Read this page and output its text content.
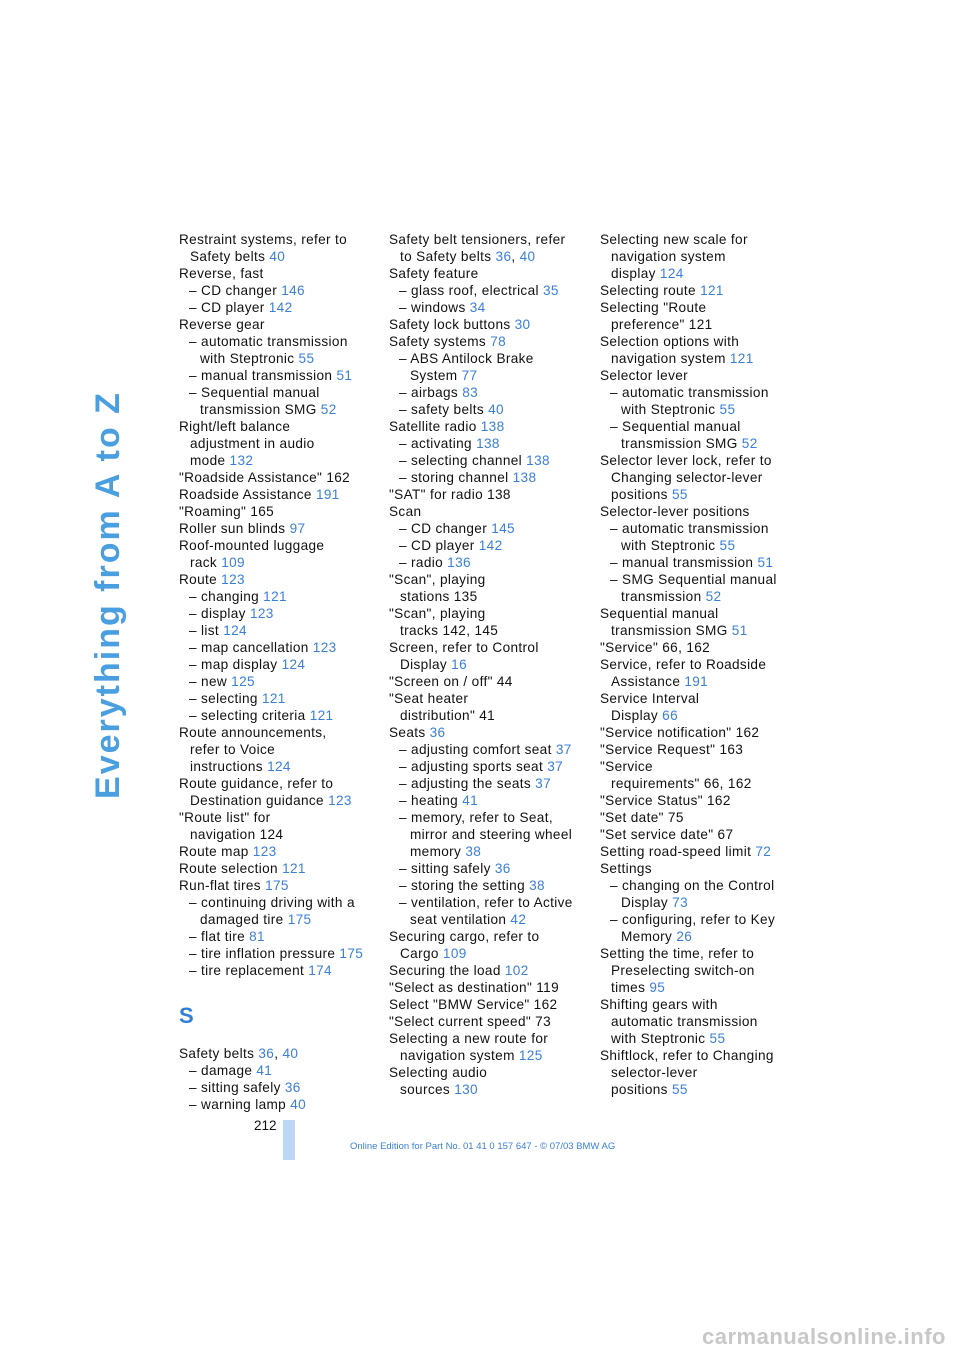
Everything from A to Z
Restraint systems, refer to
Safety belts 40
Reverse, fast
– CD changer 146
– CD player 142
Reverse gear
– automatic transmission
with Steptronic 55
– manual transmission 51
– Sequential manual
transmission SMG 52
Right/left balance
adjustment in audio
mode 132
"Roadside Assistance" 162
Roadside Assistance 191
"Roaming" 165
Roller sun blinds 97
Roof-mounted luggage
rack 109
Route 123
– changing 121
– display 123
– list 124
– map cancellation 123
– map display 124
– new 125
– selecting 121
– selecting criteria 121
Route announcements,
refer to Voice
instructions 124
Route guidance, refer to
Destination guidance 123
"Route list" for
navigation 124
Route map 123
Route selection 121
Run-flat tires 175
– continuing driving with a
damaged tire 175
– flat tire 81
– tire inflation pressure 175
– tire replacement 174
S
Safety belts 36, 40
– damage 41
– sitting safely 36
– warning lamp 40
Safety belt tensioners, refer
to Safety belts 36, 40
Safety feature
– glass roof, electrical 35
– windows 34
Safety lock buttons 30
Safety systems 78
– ABS Antilock Brake
System 77
– airbags 83
– safety belts 40
Satellite radio 138
– activating 138
– selecting channel 138
– storing channel 138
"SAT" for radio 138
Scan
– CD changer 145
– CD player 142
– radio 136
"Scan", playing
stations 135
"Scan", playing
tracks 142, 145
Screen, refer to Control
Display 16
"Screen on / off" 44
"Seat heater
distribution" 41
Seats 36
– adjusting comfort seat 37
– adjusting sports seat 37
– adjusting the seats 37
– heating 41
– memory, refer to Seat,
mirror and steering wheel
memory 38
– sitting safely 36
– storing the setting 38
– ventilation, refer to Active
seat ventilation 42
Securing cargo, refer to
Cargo 109
Securing the load 102
"Select as destination" 119
Select "BMW Service" 162
"Select current speed" 73
Selecting a new route for
navigation system 125
Selecting audio
sources 130
Selecting new scale for
navigation system
display 124
Selecting route 121
Selecting "Route
preference" 121
Selection options with
navigation system 121
Selector lever
– automatic transmission
with Steptronic 55
– Sequential manual
transmission SMG 52
Selector lever lock, refer to
Changing selector-lever
positions 55
Selector-lever positions
– automatic transmission
with Steptronic 55
– manual transmission 51
– SMG Sequential manual
transmission 52
Sequential manual
transmission SMG 51
"Service" 66, 162
Service, refer to Roadside
Assistance 191
Service Interval
Display 66
"Service notification" 162
"Service Request" 163
"Service
requirements" 66, 162
"Service Status" 162
"Set date" 75
"Set service date" 67
Setting road-speed limit 72
Settings
– changing on the Control
Display 73
– configuring, refer to Key
Memory 26
Setting the time, refer to
Preselecting switch-on
times 95
Shifting gears with
automatic transmission
with Steptronic 55
Shiftlock, refer to Changing
selector-lever
positions 55
212
Online Edition for Part No. 01 41 0 157 647 - © 07/03 BMW AG
carmanualsonline.info
